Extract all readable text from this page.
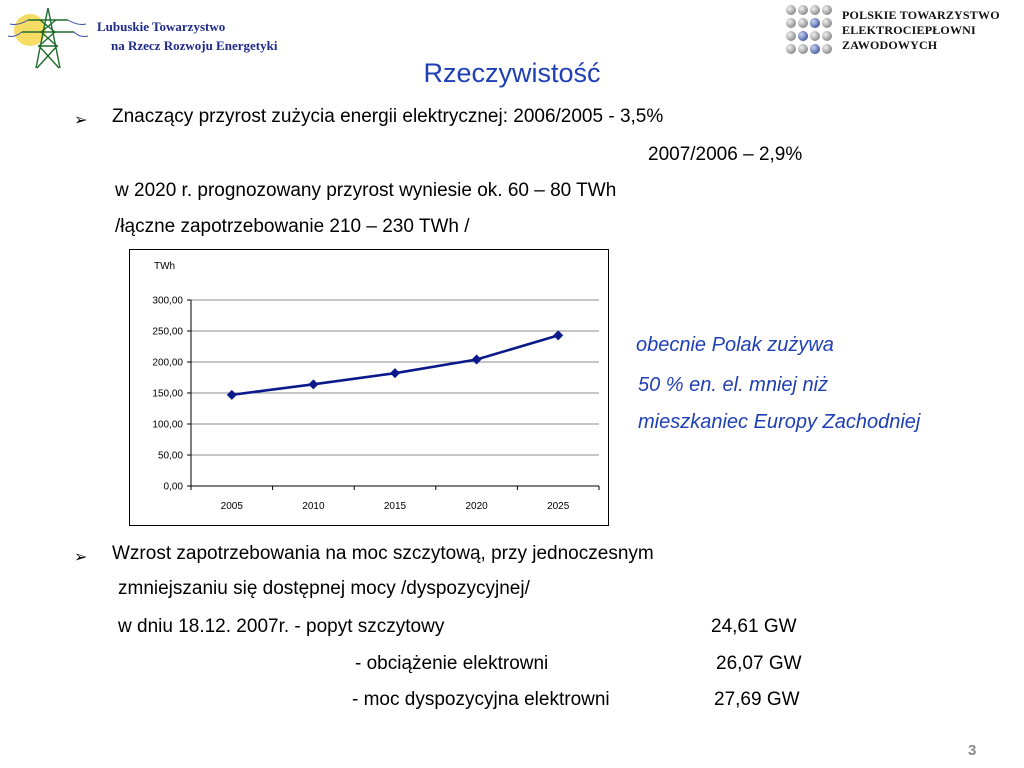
Lubuskie Towarzystwo
na Rzecz Rozwoju Energetyki
POLSKIE TOWARZYSTWO
ELEKTROCIEPŁOWNI
ZAWODOWYCH
Rzeczywistość
➢ Znaczący przyrost zużycia energii elektrycznej: 2006/2005 - 3,5%
2007/2006 – 2,9%
w 2020 r. prognozowany przyrost wyniesie ok. 60 – 80 TWh
/łączne zapotrzebowanie 210 – 230 TWh /
TWh
0,00
50,00
100,00
150,00
200,00
250,00
300,00
2005	2010	2015	2020	2025
obecnie Polak zużywa
50 % en. el. mniej niż
mieszkaniec Europy Zachodniej
➢ Wzrost zapotrzebowania na moc szczytową, przy jednoczesnym
zmniejszaniu się dostępnej mocy /dyspozycyjnej/
w dniu 18.12. 2007r. - popyt szczytowy	24,61 GW
- obciążenie elektrowni	26,07 GW
- moc dyspozycyjna elektrowni	27,69 GW
3
